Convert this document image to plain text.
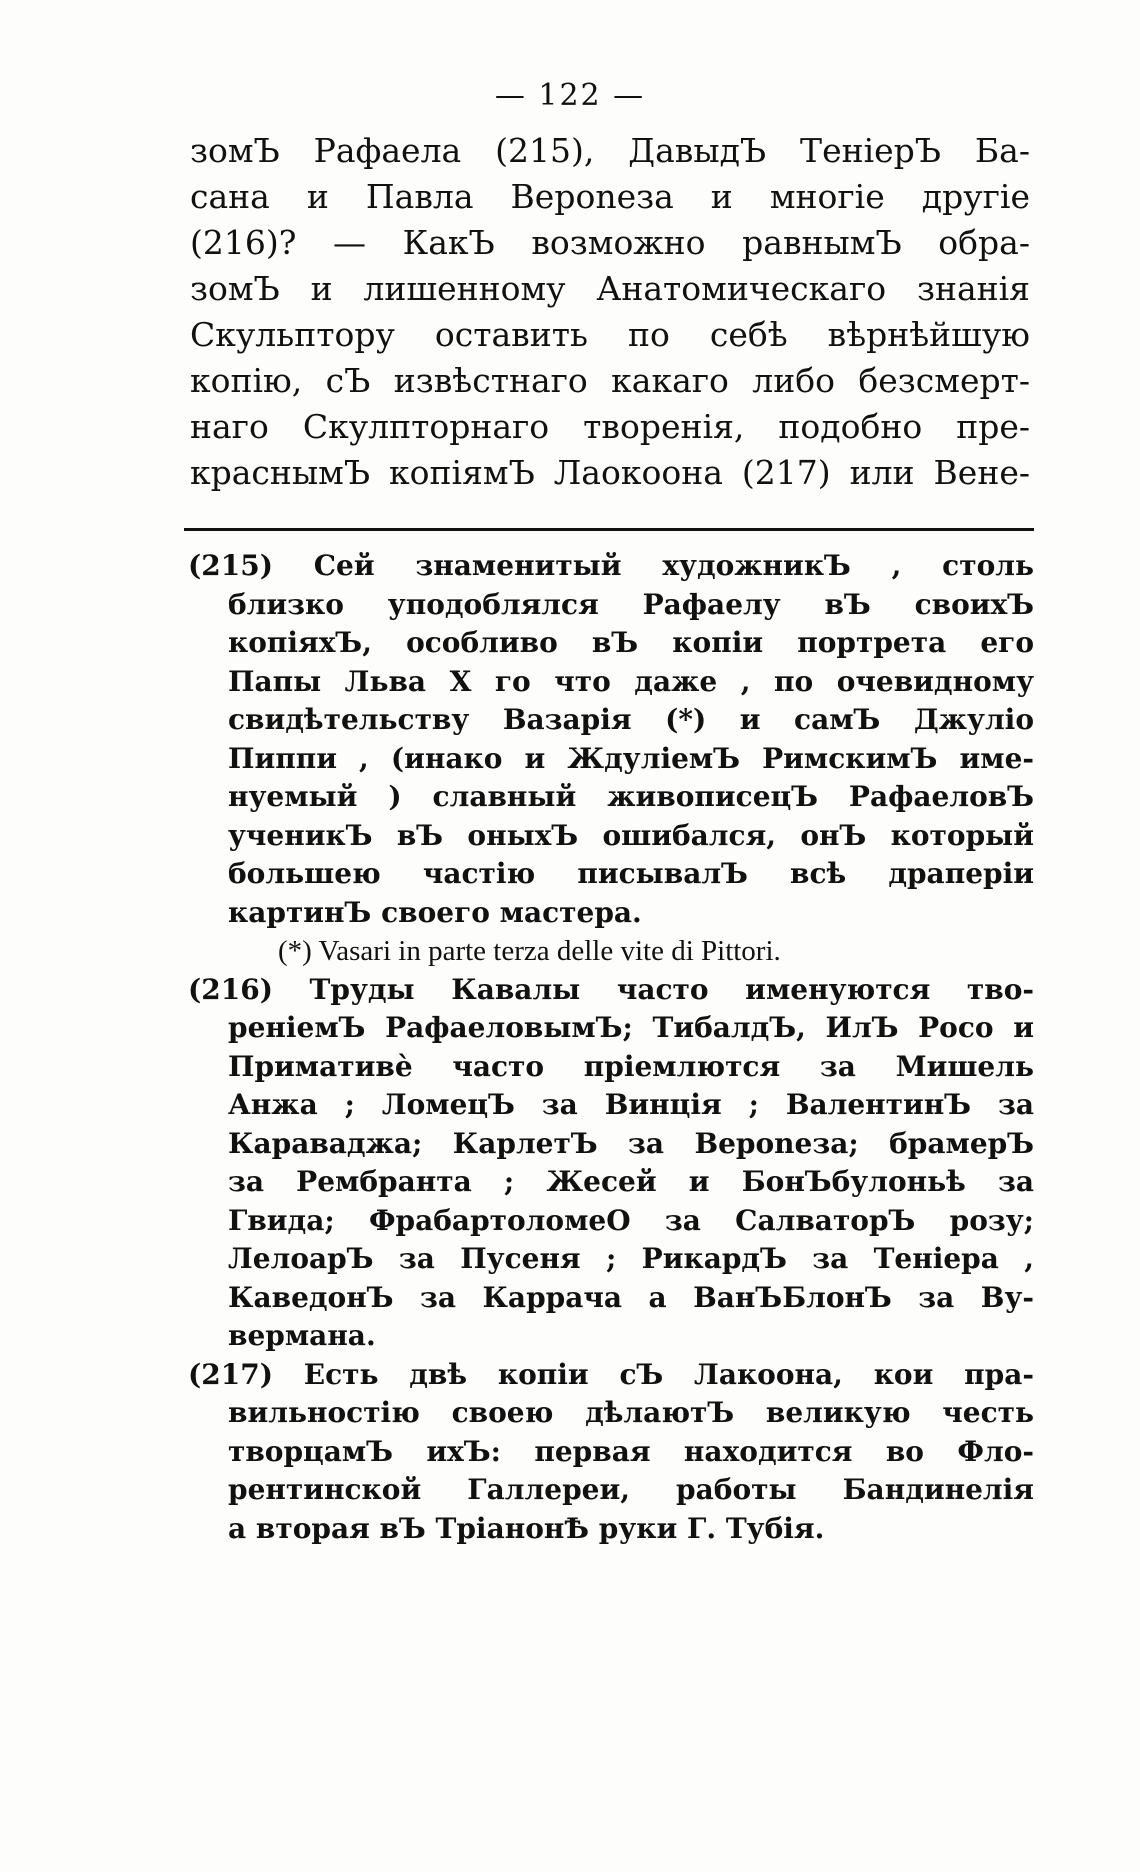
— 122 —
зомЪ Рафаела (215), ДавыдЪ ТенiерЪ Ба-
сана и Павла Вероneза и многiе другiе
(216)? — КакЪ возможно равнымЪ обра-
зомЪ и лишенному Анатомическаго знанiя
Скульптору оставить по себѣ вѣрнѣйшую
копiю, сЪ извѣстнаго какаго либо безсмерт-
наго Скулпторнаго творенiя, подобно пре-
краснымЪ копiямЪ Лаокоона (217) или Вене-
(215) Сей знаменитый художникЪ , столь
близко уподоблялся Рафаелу вЪ своихЪ
копiяхЪ, особливо вЪ копiи портрета его
Папы Льва X го что даже , по очевидному
свидѣтельству Вазарiя (*) и самЪ Джулiо
Пиппи , (инако и ЖдулiемЪ РимскимЪ име-
нуемый ) славный живописецЪ РафаеловЪ
ученикЪ вЪ оныхЪ ошибался, онЪ который
большею частiю писывалЪ всѣ драперiи
картинЪ своего мастера.
(*) Vasari in parte terza delle vite di Pittori.
(216) Труды Кавалы часто именуются тво-
ренiемЪ РафаеловымЪ; ТибалдЪ, ИлЪ Росо и
Примативè часто прiемлются за Мишель
Анжа ; ЛомецЪ за Винцiя ; ВалентинЪ за
Караваджа; КарлетЪ за Вероneза; брамерЪ
за Рембранта ; Жесей и БонЪбулоньѣ за
Гвида; ФрабартоломеО за СалваторЪ розу;
ЛелоарЪ за Пусеня ; РикардЪ за Тенiера ,
КаведонЪ за Каррача а ВанЪБлонЪ за Ву-
вермана.
(217) Есть двѣ копiи сЪ Лакоона, кои пра-
вильностiю своею дѣлаютЪ великую честь
творцамЪ ихЪ: первая находится во Фло-
рентинской Галлереи, работы Бандинелiя
а вторая вЪ ТрiанонѢ руки Г. Тубiя.
